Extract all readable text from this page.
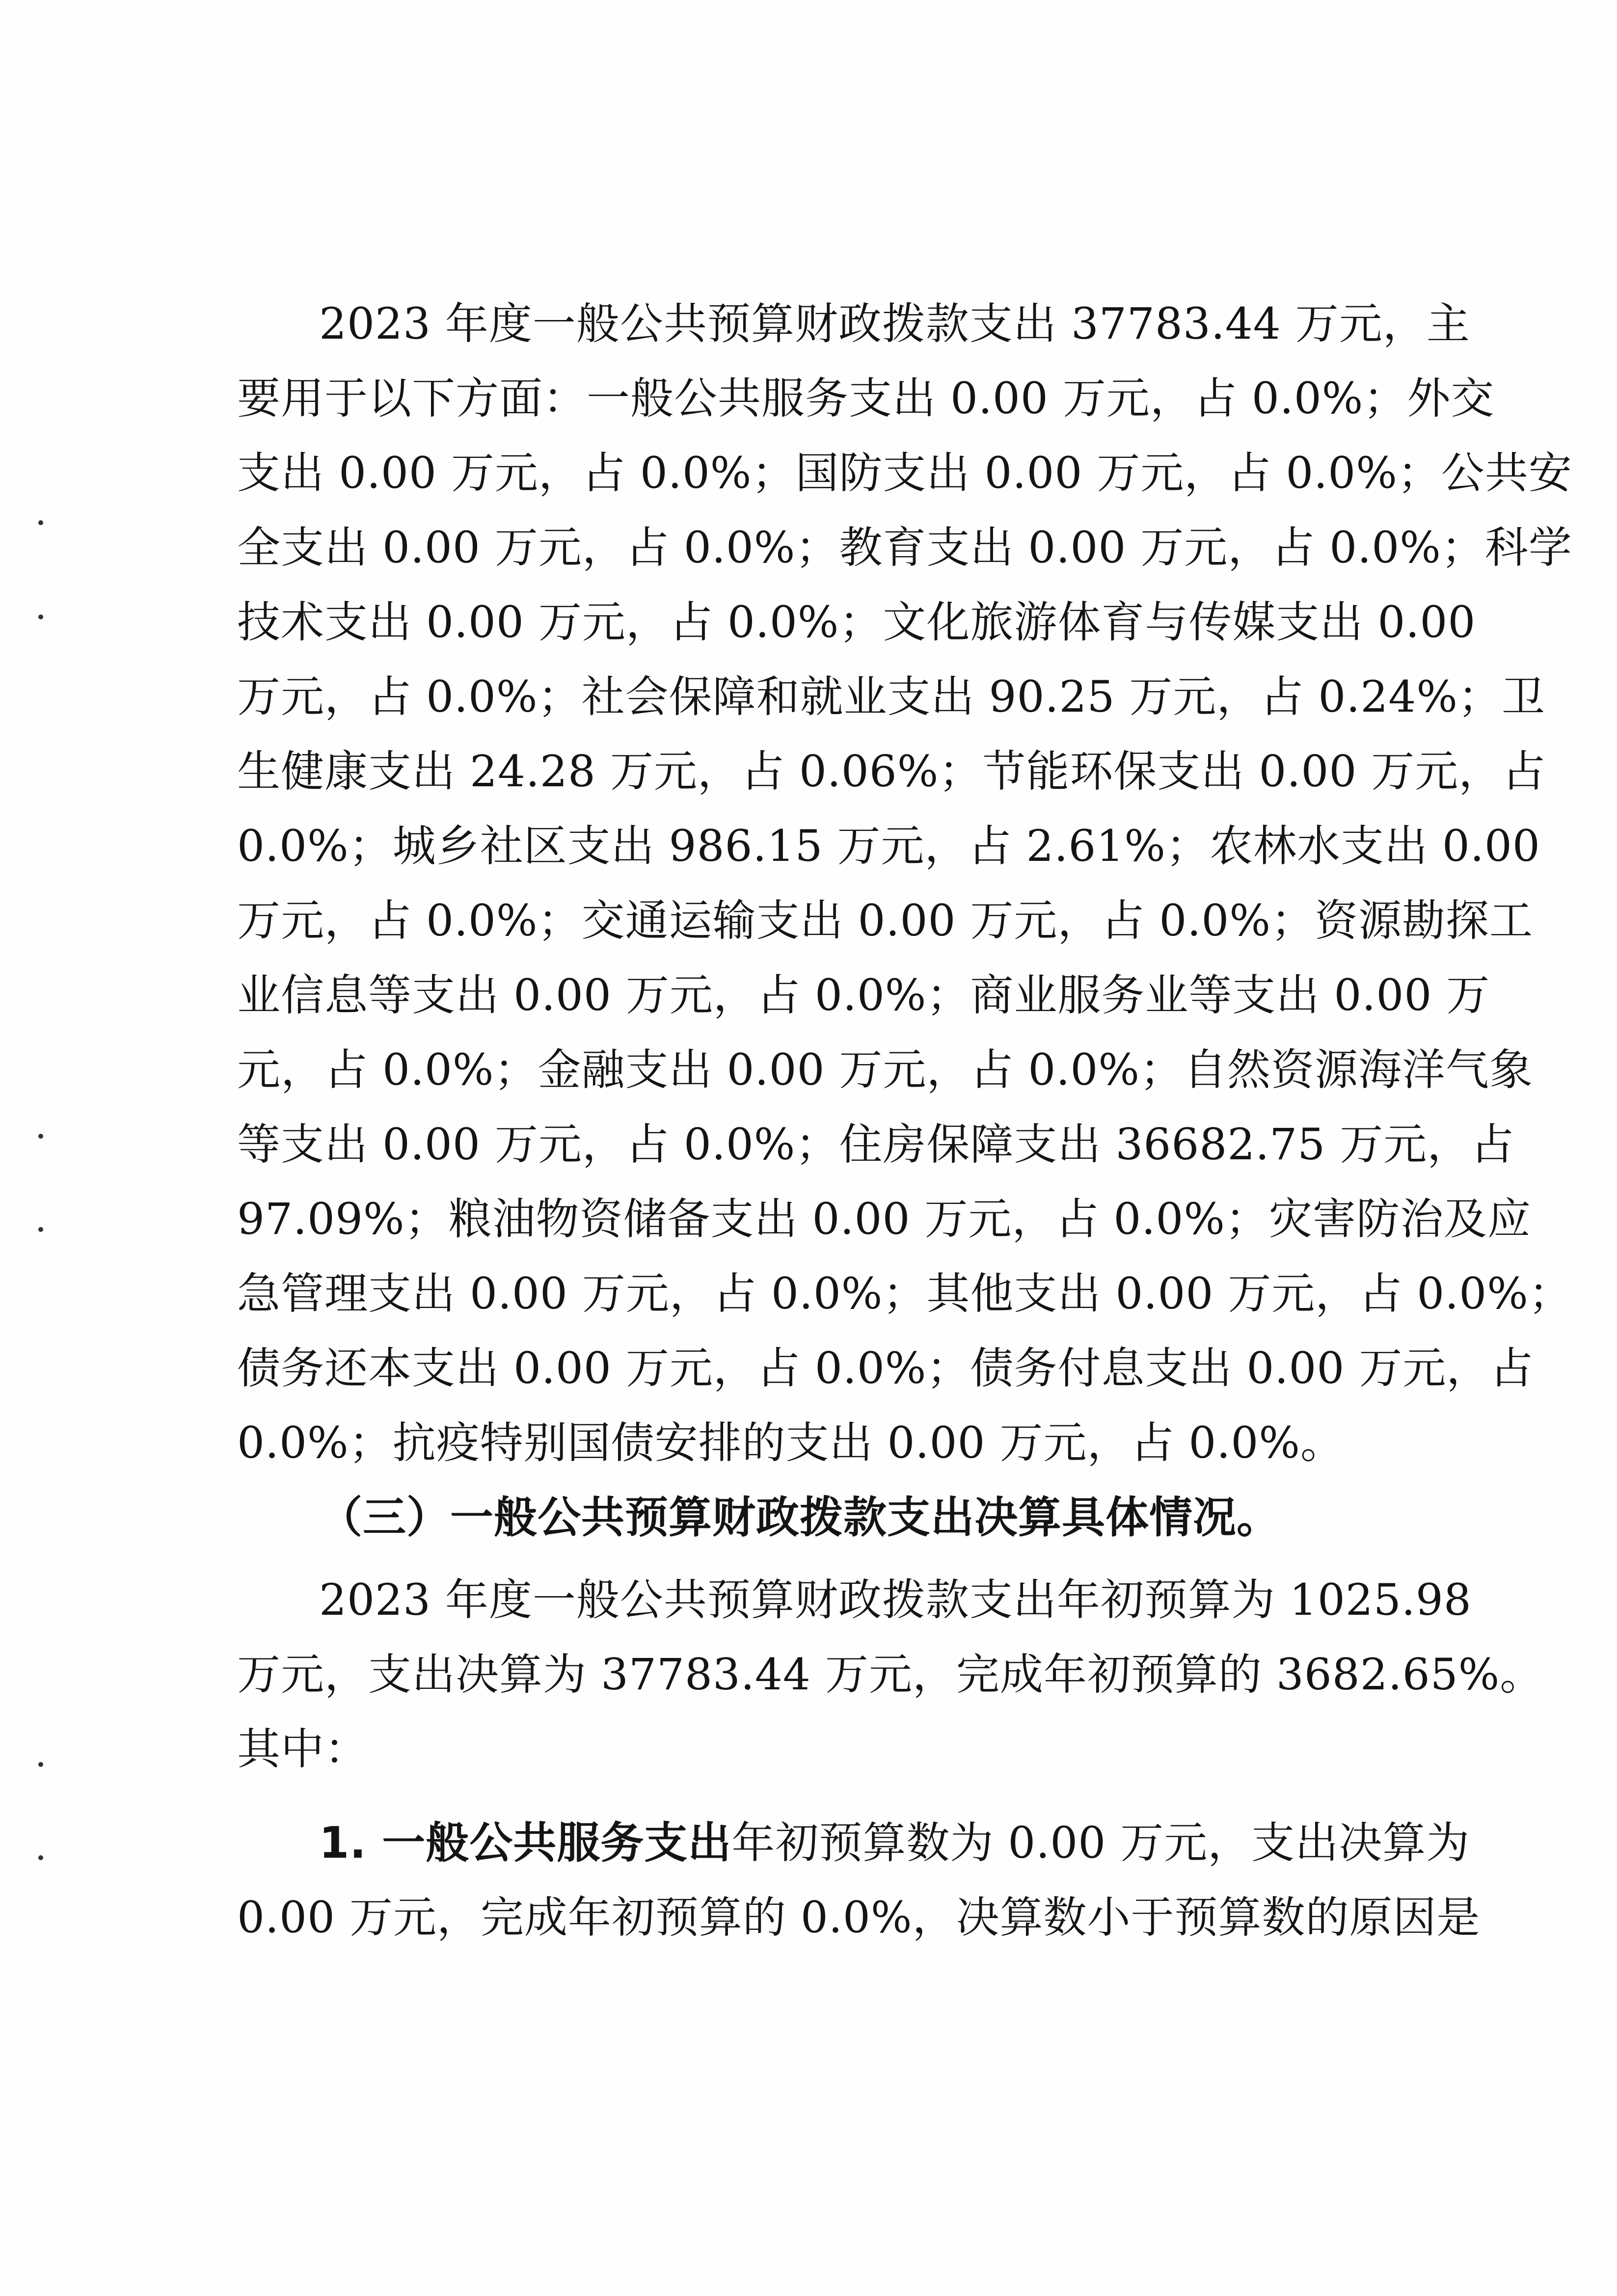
2023 年度一般公共预算财政拨款支出 37783.44 万元，主
要用于以下方面：一般公共服务支出 0.00 万元，占 0.0%；外交
支出 0.00 万元，占 0.0%；国防支出 0.00 万元，占 0.0%；公共安
全支出 0.00 万元，占 0.0%；教育支出 0.00 万元，占 0.0%；科学
技术支出 0.00 万元，占 0.0%；文化旅游体育与传媒支出 0.00
万元，占 0.0%；社会保障和就业支出 90.25 万元，占 0.24%；卫
生健康支出 24.28 万元，占 0.06%；节能环保支出 0.00 万元，占
0.0%；城乡社区支出 986.15 万元，占 2.61%；农林水支出 0.00
万元，占 0.0%；交通运输支出 0.00 万元，占 0.0%；资源勘探工
业信息等支出 0.00 万元，占 0.0%；商业服务业等支出 0.00 万
元，占 0.0%；金融支出 0.00 万元，占 0.0%；自然资源海洋气象
等支出 0.00 万元，占 0.0%；住房保障支出 36682.75 万元，占
97.09%；粮油物资储备支出 0.00 万元，占 0.0%；灾害防治及应
急管理支出 0.00 万元，占 0.0%；其他支出 0.00 万元，占 0.0%；
债务还本支出 0.00 万元，占 0.0%；债务付息支出 0.00 万元，占
0.0%；抗疫特别国债安排的支出 0.00 万元，占 0.0%。
（三）一般公共预算财政拨款支出决算具体情况。
2023 年度一般公共预算财政拨款支出年初预算为 1025.98
万元，支出决算为 37783.44 万元，完成年初预算的 3682.65%。
其中：
1. 一般公共服务支出年初预算数为 0.00 万元，支出决算为
0.00 万元，完成年初预算的 0.0%，决算数小于预算数的原因是
